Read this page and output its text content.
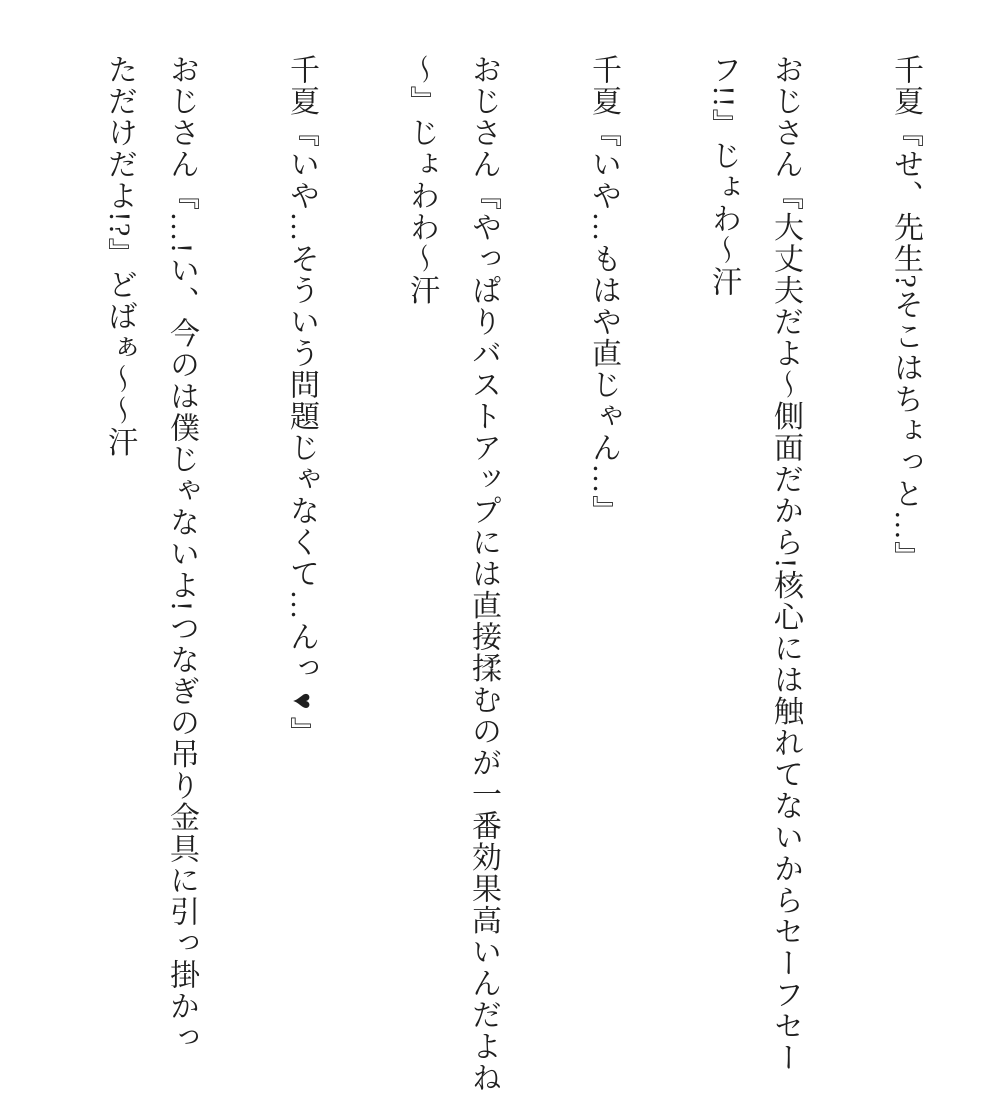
千夏『せ、先生?そこはちょっと…』

おじさん『大丈夫だよ〜側面だから!核心には触れてないからセーフセー

フ!!』じょわ〜汗

千夏『いや…もはや直じゃん…』

おじさん『やっぱりバストアップには直接揉むのが一番効果高いんだよね

〜』じょわわ〜汗

千夏『いや…そういう問題じゃなくて…んっ♥』

おじさん『…!い、今のは僕じゃないよ!つなぎの吊り金具に引っ掛かっ

ただけだよ!?』どばぁ〜〜汗
